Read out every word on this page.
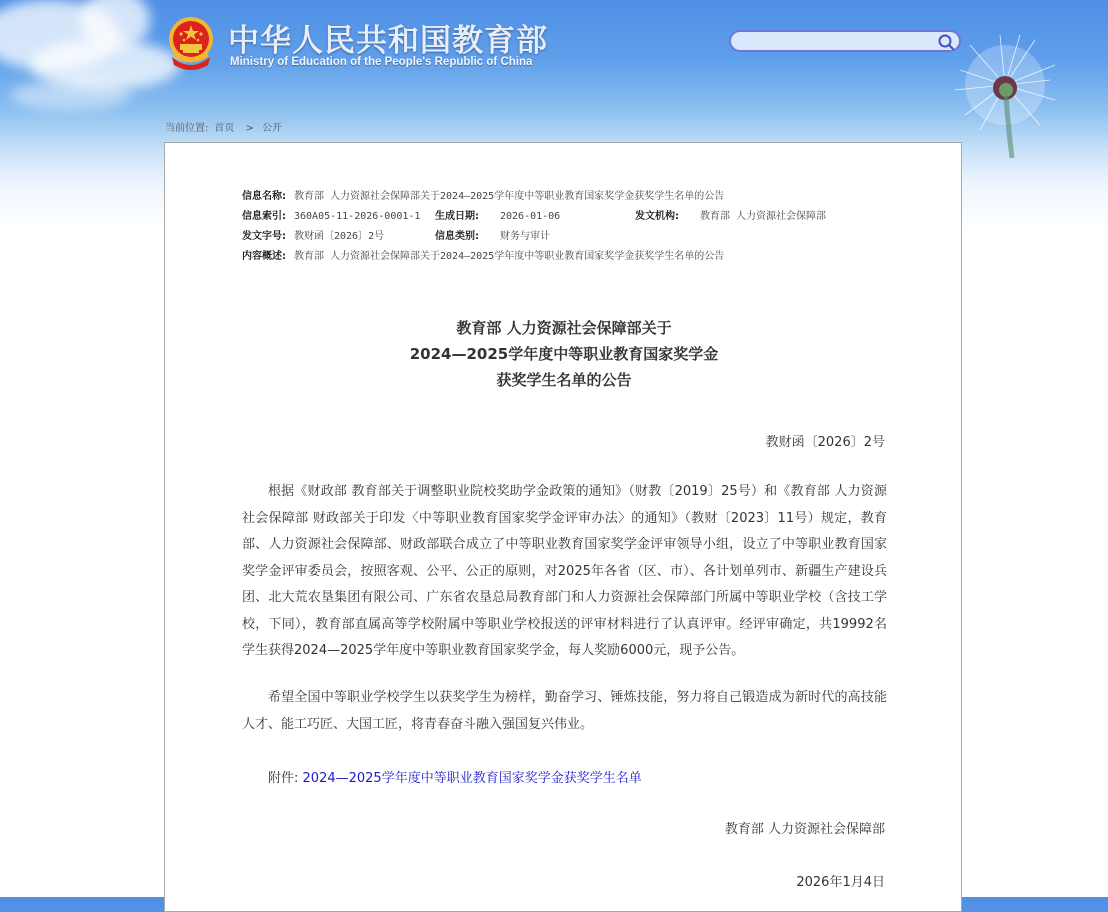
中华人民共和国教育部
Ministry of Education of the People's Republic of China
当前位置: 首页 > 公开
信息名称: 教育部 人力资源社会保障部关于2024—2025学年度中等职业教育国家奖学金获奖学生名单的公告
信息索引: 360A05-11-2026-0001-1 生成日期: 2026-01-06	发文机构: 教育部 人力资源社会保障部
发文字号: 教财函〔2026〕2号	信息类别: 财务与审计
内容概述: 教育部 人力资源社会保障部关于2024—2025学年度中等职业教育国家奖学金获奖学生名单的公告
教育部 人力资源社会保障部关于
2024—2025学年度中等职业教育国家奖学金
获奖学生名单的公告
教财函〔2026〕2号
根据《财政部 教育部关于调整职业院校奖助学金政策的通知》（财教〔2019〕25号）和《教育部 人力资源社会保障部 财政部关于印发〈中等职业教育国家奖学金评审办法〉的通知》（教财〔2023〕11号）规定，教育部、人力资源社会保障部、财政部联合成立了中等职业教育国家奖学金评审领导小组，设立了中等职业教育国家奖学金评审委员会，按照客观、公平、公正的原则，对2025年各省（区、市）、各计划单列市、新疆生产建设兵团、北大荒农垦集团有限公司、广东省农垦总局教育部门和人力资源社会保障部门所属中等职业学校（含技工学校，下同），教育部直属高等学校附属中等职业学校报送的评审材料进行了认真评审。经评审确定，共19992名学生获得2024—2025学年度中等职业教育国家奖学金，每人奖励6000元，现予公告。
希望全国中等职业学校学生以获奖学生为榜样，勤奋学习、锤炼技能，努力将自己锻造成为新时代的高技能人才、能工巧匠、大国工匠，将青春奋斗融入强国复兴伟业。
附件: 2024—2025学年度中等职业教育国家奖学金获奖学生名单
教育部 人力资源社会保障部
2026年1月4日
